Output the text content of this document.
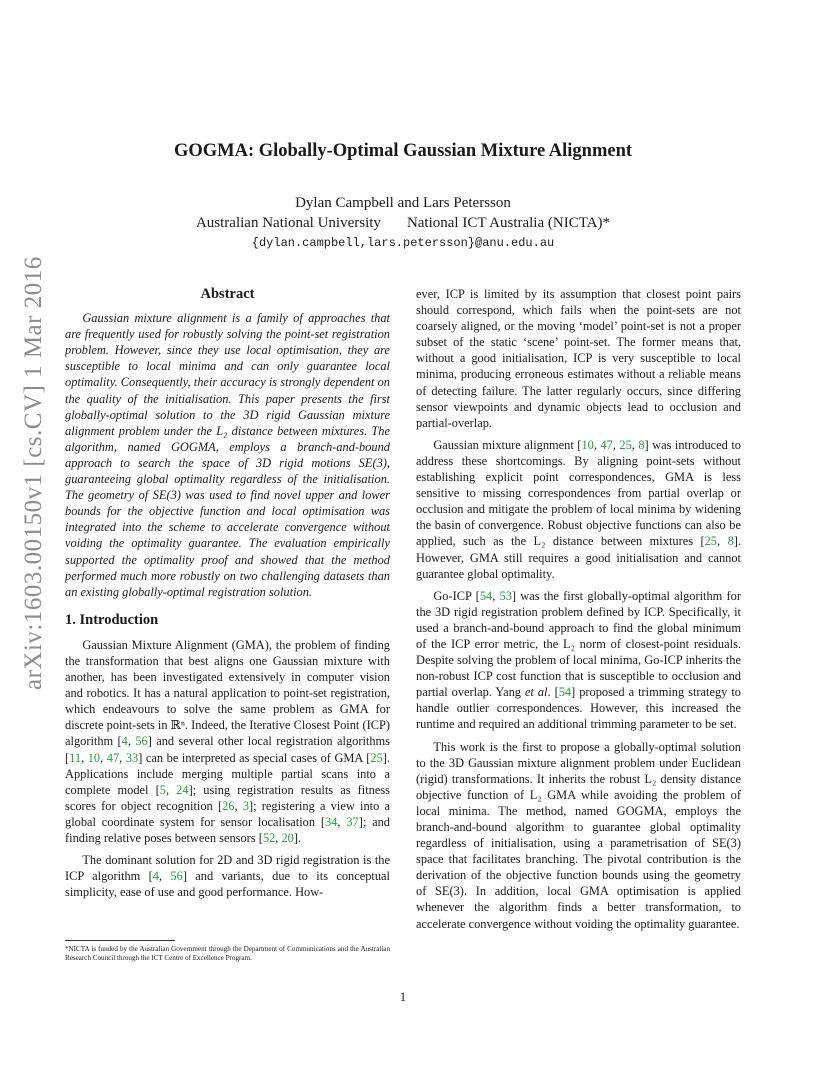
arXiv:1603.00150v1 [cs.CV] 1 Mar 2016
GOGMA: Globally-Optimal Gaussian Mixture Alignment
Dylan Campbell and Lars Petersson
Australian National University National ICT Australia (NICTA)*
{dylan.campbell,lars.petersson}@anu.edu.au
Abstract

Gaussian mixture alignment is a family of approaches that are frequently used for robustly solving the point-set registration problem. However, since they use local optimisation, they are susceptible to local minima and can only guarantee local optimality. Consequently, their accuracy is strongly dependent on the quality of the initialisation. This paper presents the first globally-optimal solution to the 3D rigid Gaussian mixture alignment problem under the L₂ distance between mixtures. The algorithm, named GOGMA, employs a branch-and-bound approach to search the space of 3D rigid motions SE(3), guaranteeing global optimality regardless of the initialisation. The geometry of SE(3) was used to find novel upper and lower bounds for the objective function and local optimisation was integrated into the scheme to accelerate convergence without voiding the optimality guarantee. The evaluation empirically supported the optimality proof and showed that the method performed much more robustly on two challenging datasets than an existing globally-optimal registration solution.

1. Introduction

Gaussian Mixture Alignment (GMA), the problem of finding the transformation that best aligns one Gaussian mixture with another, has been investigated extensively in computer vision and robotics. It has a natural application to point-set registration, which endeavours to solve the same problem as GMA for discrete point-sets in ℝⁿ. Indeed, the Iterative Closest Point (ICP) algorithm [4, 56] and several other local registration algorithms [11, 10, 47, 33] can be interpreted as special cases of GMA [25]. Applications include merging multiple partial scans into a complete model [5, 24]; using registration results as fitness scores for object recognition [26, 3]; registering a view into a global coordinate system for sensor localisation [34, 37]; and finding relative poses between sensors [52, 20].

The dominant solution for 2D and 3D rigid registration is the ICP algorithm [4, 56] and variants, due to its conceptual simplicity, ease of use and good performance. How-

ever, ICP is limited by its assumption that closest point pairs should correspond, which fails when the point-sets are not coarsely aligned, or the moving ‘model’ point-set is not a proper subset of the static ‘scene’ point-set. The former means that, without a good initialisation, ICP is very susceptible to local minima, producing erroneous estimates without a reliable means of detecting failure. The latter regularly occurs, since differing sensor viewpoints and dynamic objects lead to occlusion and partial-overlap.

Gaussian mixture alignment [10, 47, 25, 8] was introduced to address these shortcomings. By aligning point-sets without establishing explicit point correspondences, GMA is less sensitive to missing correspondences from partial overlap or occlusion and mitigate the problem of local minima by widening the basin of convergence. Robust objective functions can also be applied, such as the L₂ distance between mixtures [25, 8]. However, GMA still requires a good initialisation and cannot guarantee global optimality.

Go-ICP [54, 53] was the first globally-optimal algorithm for the 3D rigid registration problem defined by ICP. Specifically, it used a branch-and-bound approach to find the global minimum of the ICP error metric, the L₂ norm of closest-point residuals. Despite solving the problem of local minima, Go-ICP inherits the non-robust ICP cost function that is susceptible to occlusion and partial overlap. Yang et al. [54] proposed a trimming strategy to handle outlier correspondences. However, this increased the runtime and required an additional trimming parameter to be set.

This work is the first to propose a globally-optimal solution to the 3D Gaussian mixture alignment problem under Euclidean (rigid) transformations. It inherits the robust L₂ density distance objective function of L₂ GMA while avoiding the problem of local minima. The method, named GOGMA, employs the branch-and-bound algorithm to guarantee global optimality regardless of initialisation, using a parametrisation of SE(3) space that facilitates branching. The pivotal contribution is the derivation of the objective function bounds using the geometry of SE(3). In addition, local GMA optimisation is applied whenever the algorithm finds a better transformation, to accelerate convergence without voiding the optimality guarantee.

*NICTA is funded by the Australian Government through the Department of Communications and the Australian Research Council through the ICT Centre of Excellence Program.
1
